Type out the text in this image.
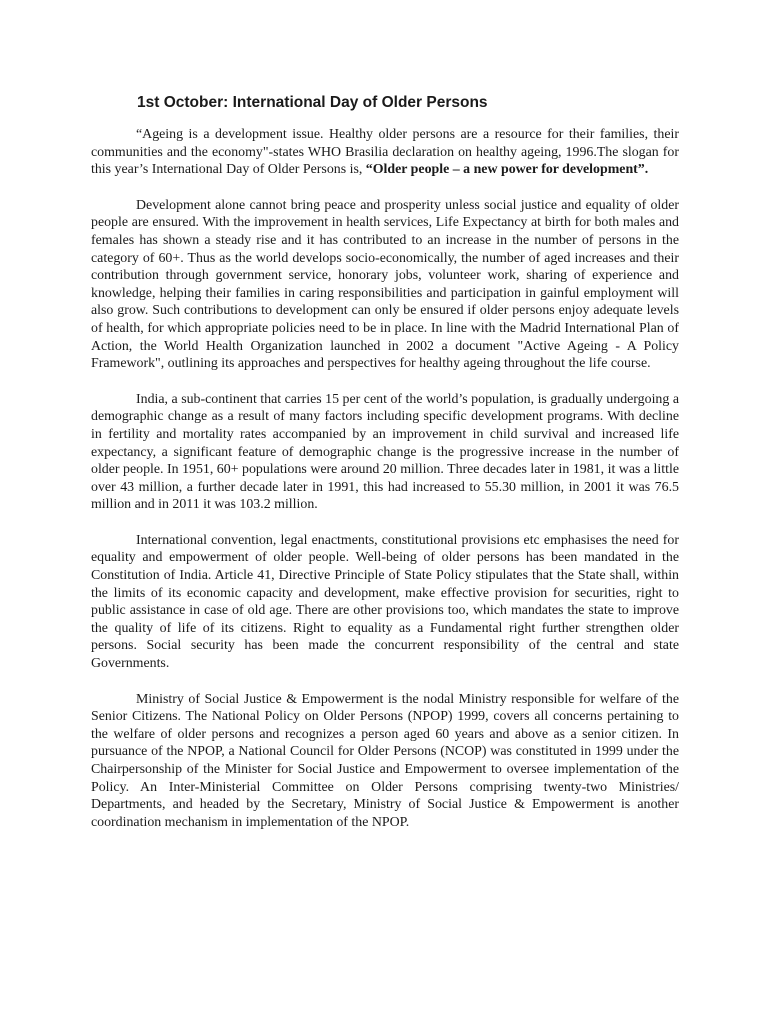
1st October: International Day of Older Persons

“Ageing is a development issue. Healthy older persons are a resource for their families, their communities and the economy"-states WHO Brasilia declaration on healthy ageing, 1996.The slogan for this year’s International Day of Older Persons is, “Older people – a new power for development”.

Development alone cannot bring peace and prosperity unless social justice and equality of older people are ensured. With the improvement in health services, Life Expectancy at birth for both males and females has shown a steady rise and it has contributed to an increase in the number of persons in the category of 60+. Thus as the world develops socio-economically, the number of aged increases and their contribution through government service, honorary jobs, volunteer work, sharing of experience and knowledge, helping their families in caring responsibilities and participation in gainful employment will also grow. Such contributions to development can only be ensured if older persons enjoy adequate levels of health, for which appropriate policies need to be in place. In line with the Madrid International Plan of Action, the World Health Organization launched in 2002 a document "Active Ageing - A Policy Framework", outlining its approaches and perspectives for healthy ageing throughout the life course.

India, a sub-continent that carries 15 per cent of the world’s population, is gradually undergoing a demographic change as a result of many factors including specific development programs. With decline in fertility and mortality rates accompanied by an improvement in child survival and increased life expectancy, a significant feature of demographic change is the progressive increase in the number of older people. In 1951, 60+ populations were around 20 million. Three decades later in 1981, it was a little over 43 million, a further decade later in 1991, this had increased to 55.30 million, in 2001 it was 76.5 million and in 2011 it was 103.2 million.

International convention, legal enactments, constitutional provisions etc emphasises the need for equality and empowerment of older people. Well-being of older persons has been mandated in the Constitution of India. Article 41, Directive Principle of State Policy stipulates that the State shall, within the limits of its economic capacity and development, make effective provision for securities, right to public assistance in case of old age. There are other provisions too, which mandates the state to improve the quality of life of its citizens. Right to equality as a Fundamental right further strengthen older persons. Social security has been made the concurrent responsibility of the central and state Governments.

Ministry of Social Justice & Empowerment is the nodal Ministry responsible for welfare of the Senior Citizens. The National Policy on Older Persons (NPOP) 1999, covers all concerns pertaining to the welfare of older persons and recognizes a person aged 60 years and above as a senior citizen. In pursuance of the NPOP, a National Council for Older Persons (NCOP) was constituted in 1999 under the Chairpersonship of the Minister for Social Justice and Empowerment to oversee implementation of the Policy. An Inter-Ministerial Committee on Older Persons comprising twenty-two Ministries/ Departments, and headed by the Secretary, Ministry of Social Justice & Empowerment is another coordination mechanism in implementation of the NPOP.
